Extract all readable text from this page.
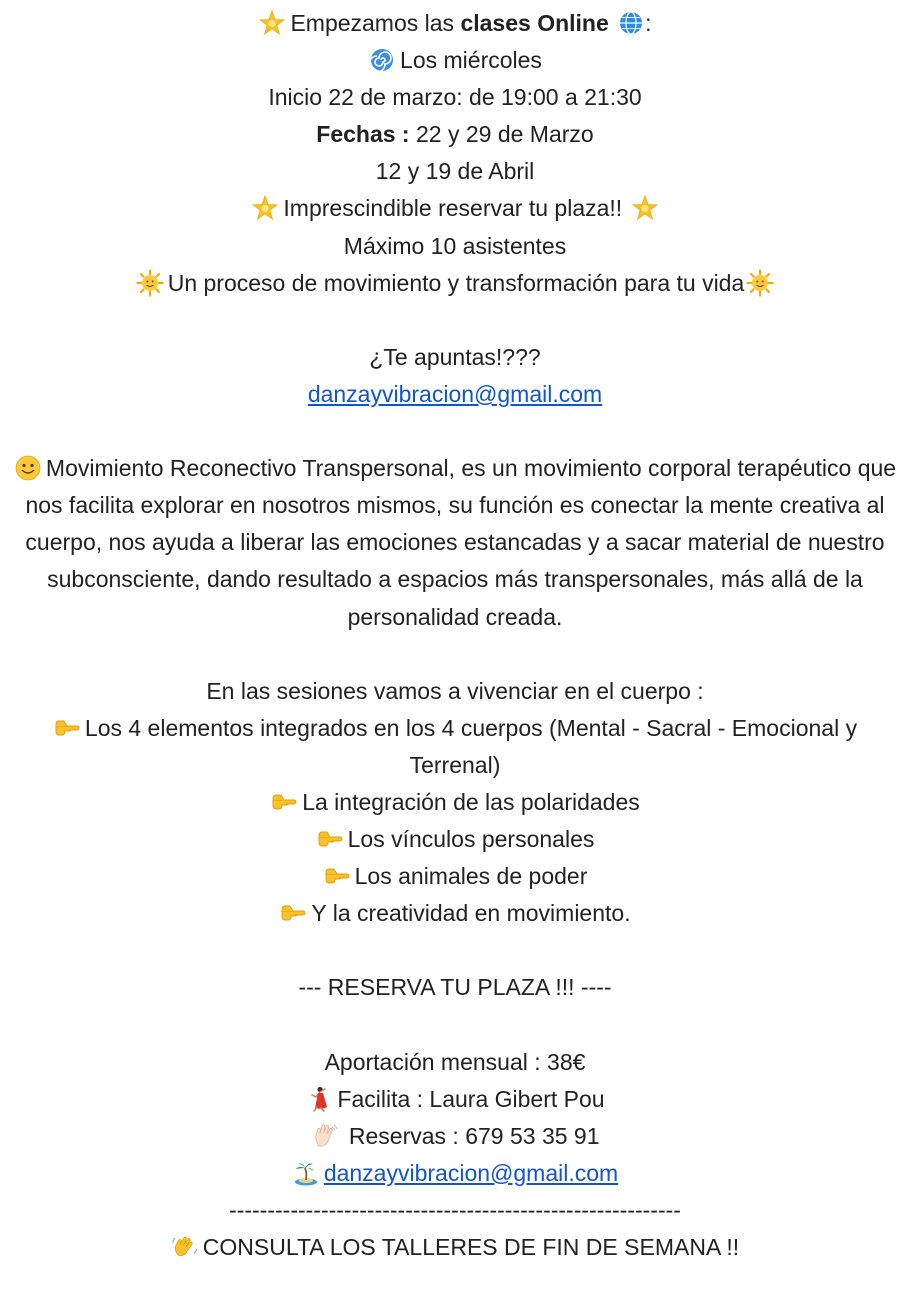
Empezamos las clases Online :
Los miércoles
Inicio 22 de marzo: de 19:00 a 21:30
Fechas : 22 y 29 de Marzo
12 y 19 de Abril
Imprescindible reservar tu plaza!!
Máximo 10 asistentes
Un proceso de movimiento y transformación para tu vida
¿Te apuntas!???
danzayvibracion@gmail.com
Movimiento Reconectivo Transpersonal, es un movimiento corporal terapéutico que nos facilita explorar en nosotros mismos, su función es conectar la mente creativa al cuerpo, nos ayuda a liberar las emociones estancadas y a sacar material de nuestro subconsciente, dando resultado a espacios más transpersonales, más allá de la personalidad creada.
En las sesiones vamos a vivenciar en el cuerpo :
Los 4 elementos integrados en los 4 cuerpos (Mental - Sacral - Emocional y Terrenal)
La integración de las polaridades
Los vínculos personales
Los animales de poder
Y la creatividad en movimiento.
--- RESERVA TU PLAZA !!! ----
Aportación mensual : 38€
Facilita : Laura Gibert Pou
Reservas : 679 53 35 91
danzayvibracion@gmail.com
-----------------------------------------------------------
CONSULTA LOS TALLERES DE FIN DE SEMANA !!
